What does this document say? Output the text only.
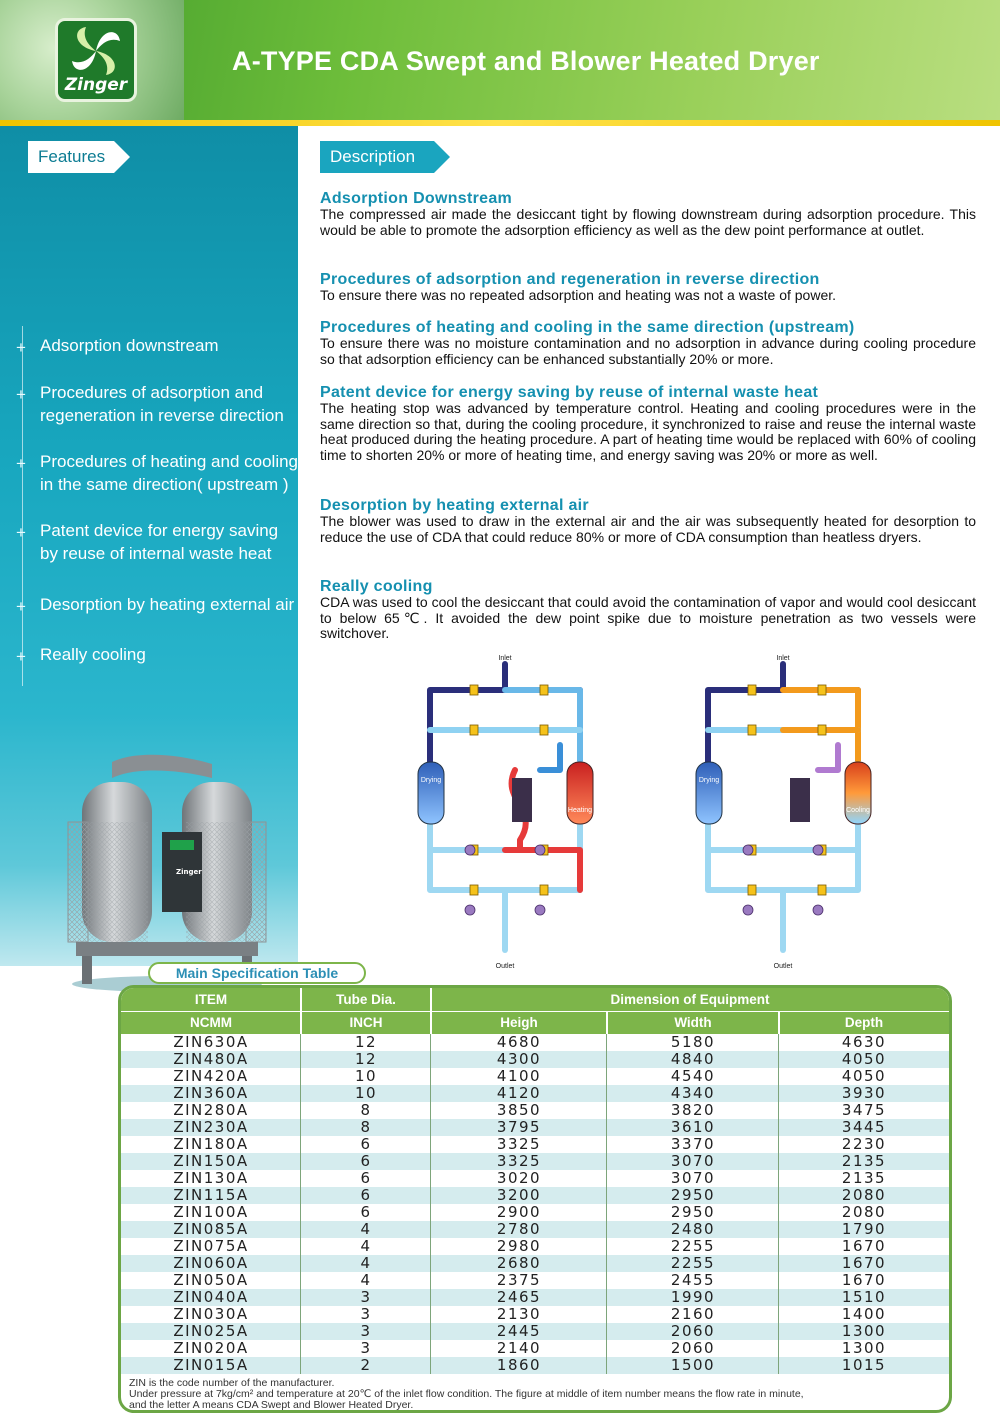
Zinger
A-TYPE CDA Swept and Blower Heated Dryer
+ Adsorption downstream
+ Procedures of adsorption and regeneration in reverse direction
+ Procedures of heating and cooling in the same direction( upstream )
+ Patent device for energy saving by reuse of internal waste heat
+ Desorption by heating external air
+ Really cooling
Zinger
Features	Description
Adsorption Downstream

The compressed air made the desiccant tight by flowing downstream during adsorption procedure. This would be able to promote the adsorption efficiency as well as the dew point performance at outlet.

Procedures of adsorption and regeneration in reverse direction

To ensure there was no repeated adsorption and heating was not a waste of power.

Procedures of heating and cooling in the same direction (upstream)

To ensure there was no moisture contamination and no adsorption in advance during cooling procedure so that adsorption efficiency can be enhanced substantially 20% or more.

Patent device for energy saving by reuse of internal waste heat

The heating stop was advanced by temperature control. Heating and cooling procedures were in the same direction so that, during the cooling procedure, it synchronized to raise and reuse the internal waste heat produced during the heating procedure. A part of heating time would be replaced with 60% of cooling time to shorten 20% or more of heating time, and energy saving was 20% or more as well.

Desorption by heating external air

The blower was used to draw in the external air and the air was subsequently heated for desorption to reduce the use of CDA that could reduce 80% or more of CDA consumption than heatless dryers.

Really cooling

CDA was used to cool the desiccant that could avoid the contamination of vapor and would cool desiccant to below 65℃. It avoided the dew point spike due to moisture penetration as two vessels were switchover.

Inlet
Exhaust
Outlet
Drying
Heating
Inlet
Exhaust
Outlet
Drying
Cooling
Main Specification Table
ITEM	Tube Dia.	Dimension of Equipment
NCMM	INCH	Heigh	Width	Depth
ZIN630A	12	4680	5180	4630
ZIN480A	12	4300	4840	4050
ZIN420A	10	4100	4540	4050
ZIN360A	10	4120	4340	3930
ZIN280A	8	3850	3820	3475
ZIN230A	8	3795	3610	3445
ZIN180A	6	3325	3370	2230
ZIN150A	6	3325	3070	2135
ZIN130A	6	3020	3070	2135
ZIN115A	6	3200	2950	2080
ZIN100A	6	2900	2950	2080
ZIN085A	4	2780	2480	1790
ZIN075A	4	2980	2255	1670
ZIN060A	4	2680	2255	1670
ZIN050A	4	2375	2455	1670
ZIN040A	3	2465	1990	1510
ZIN030A	3	2130	2160	1400
ZIN025A	3	2445	2060	1300
ZIN020A	3	2140	2060	1300
ZIN015A	2	1860	1500	1015
ZIN is the code number of the manufacturer.
Under pressure at 7kg/cm² and temperature at 20℃ of the inlet flow condition. The figure at middle of item number means the flow rate in minute,
and the letter A means CDA Swept and Blower Heated Dryer.
